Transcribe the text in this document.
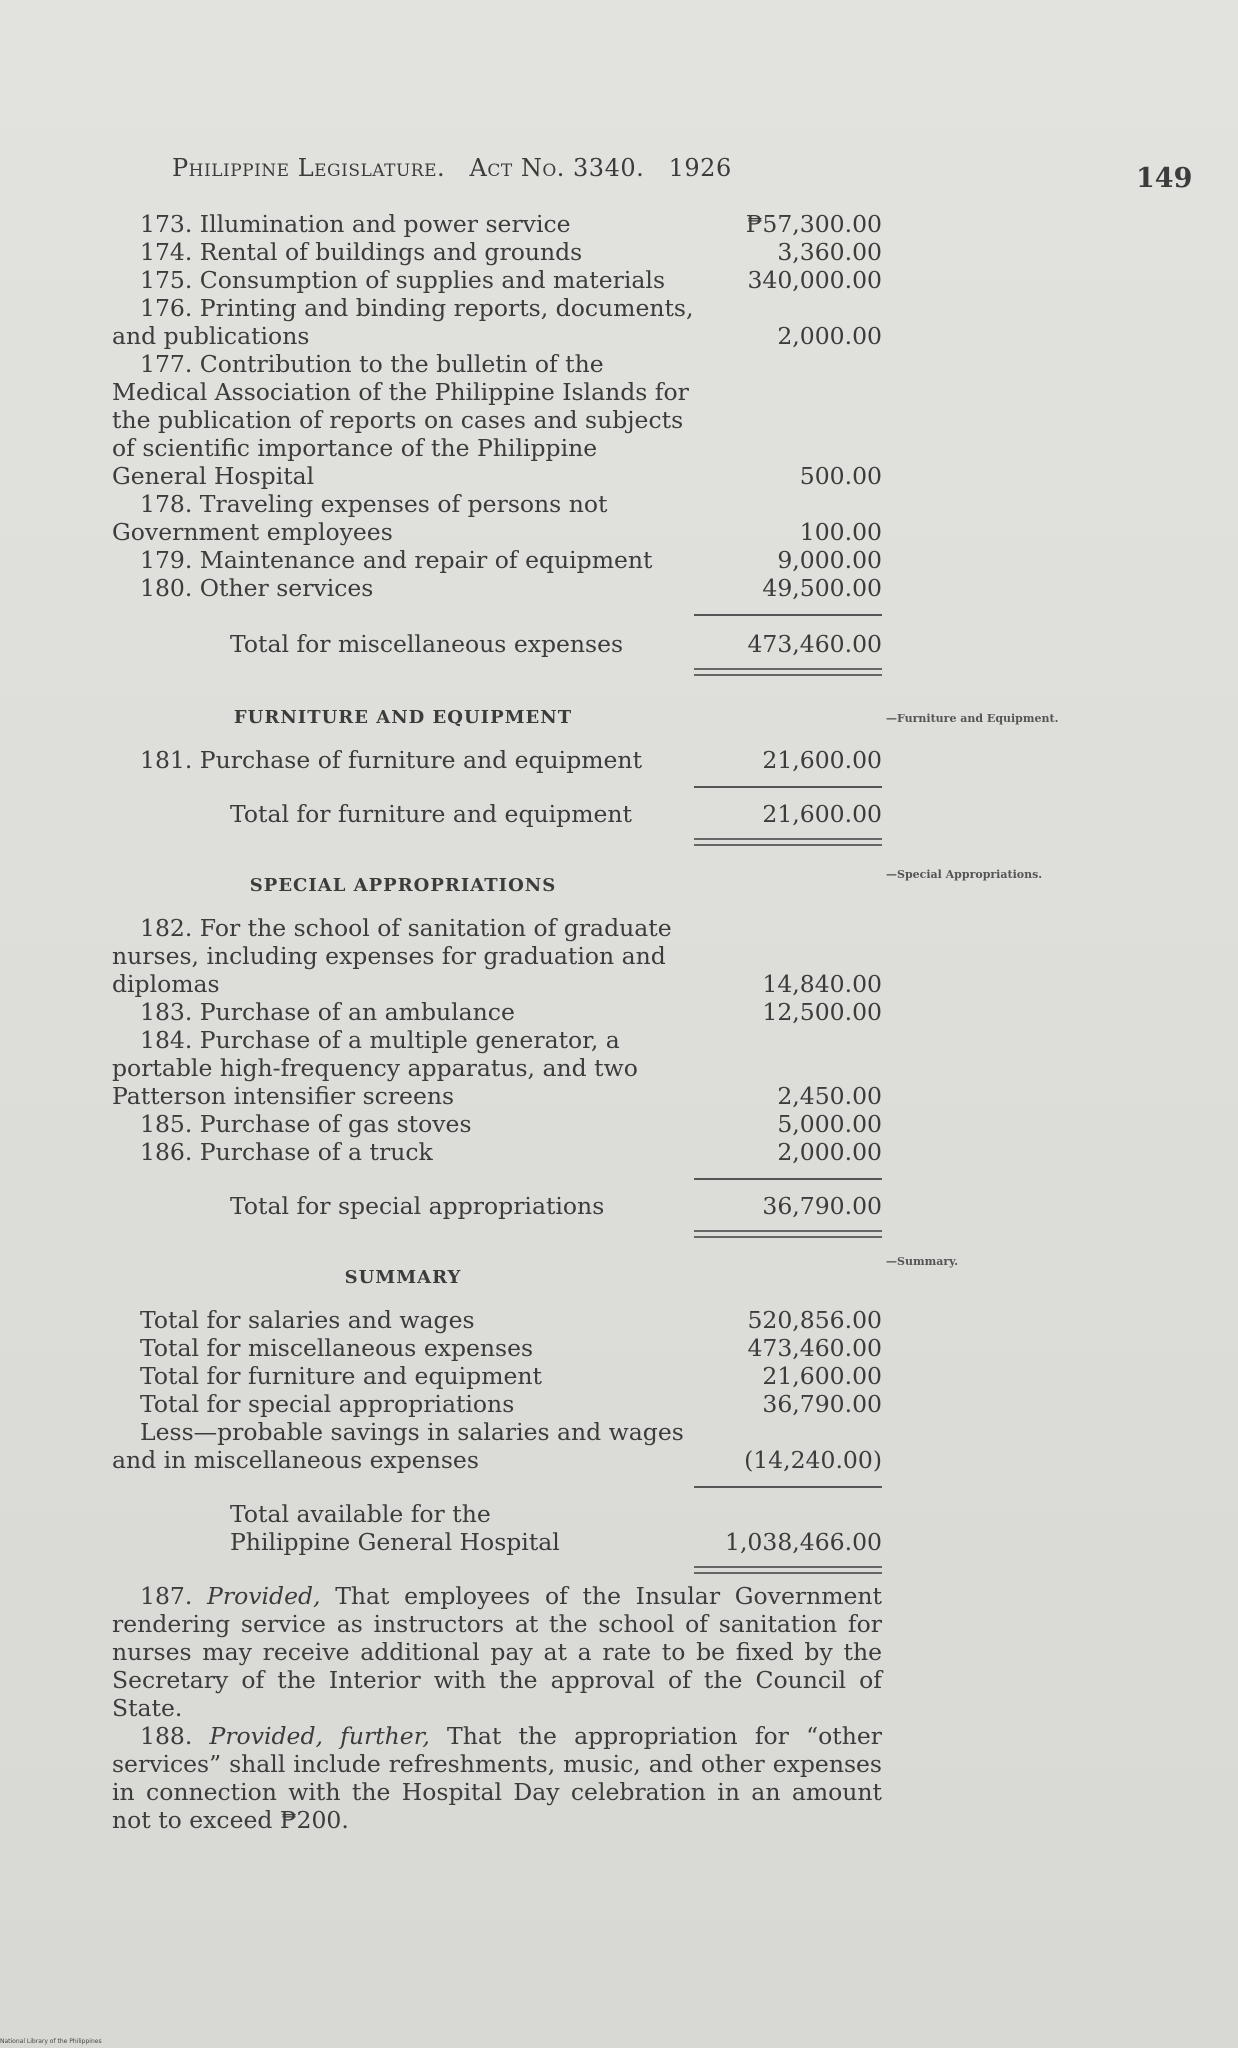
Philippine Legislature. Act No. 3340. 1926	149
173. Illumination and power service	₱57,300.00
174. Rental of buildings and grounds	3,360.00
175. Consumption of supplies and materials	340,000.00
176. Printing and binding reports, documents, and publications	2,000.00
177. Contribution to the bulletin of the Medical Association of the Philippine Islands for the publication of reports on cases and subjects of scientific importance of the Philippine General Hospital	500.00
178. Traveling expenses of persons not Government employees	100.00
179. Maintenance and repair of equipment	9,000.00
180. Other services	49,500.00
Total for miscellaneous expenses	473,460.00
FURNITURE AND EQUIPMENT
181. Purchase of furniture and equipment	21,600.00
Total for furniture and equipment	21,600.00
SPECIAL APPROPRIATIONS
182. For the school of sanitation of graduate nurses, including expenses for graduation and diplomas	14,840.00
183. Purchase of an ambulance	12,500.00
184. Purchase of a multiple generator, a portable high-frequency apparatus, and two Patterson intensifier screens	2,450.00
185. Purchase of gas stoves	5,000.00
186. Purchase of a truck	2,000.00
Total for special appropriations	36,790.00
SUMMARY
Total for salaries and wages	520,856.00
Total for miscellaneous expenses	473,460.00
Total for furniture and equipment	21,600.00
Total for special appropriations	36,790.00
Less—probable savings in salaries and wages and in miscellaneous expenses	(14,240.00)
Total available for the Philippine General Hospital	1,038,466.00
—Furniture and Equipment.
—Special Appropriations.
—Summary.
187. Provided, That employees of the Insular Government rendering service as instructors at the school of sanitation for nurses may receive additional pay at a rate to be fixed by the Secretary of the Interior with the approval of the Council of State.
188. Provided, further, That the appropriation for “other services” shall include refreshments, music, and other expenses in connection with the Hospital Day celebration in an amount not to exceed ₱200.
National Library of the Philippines
